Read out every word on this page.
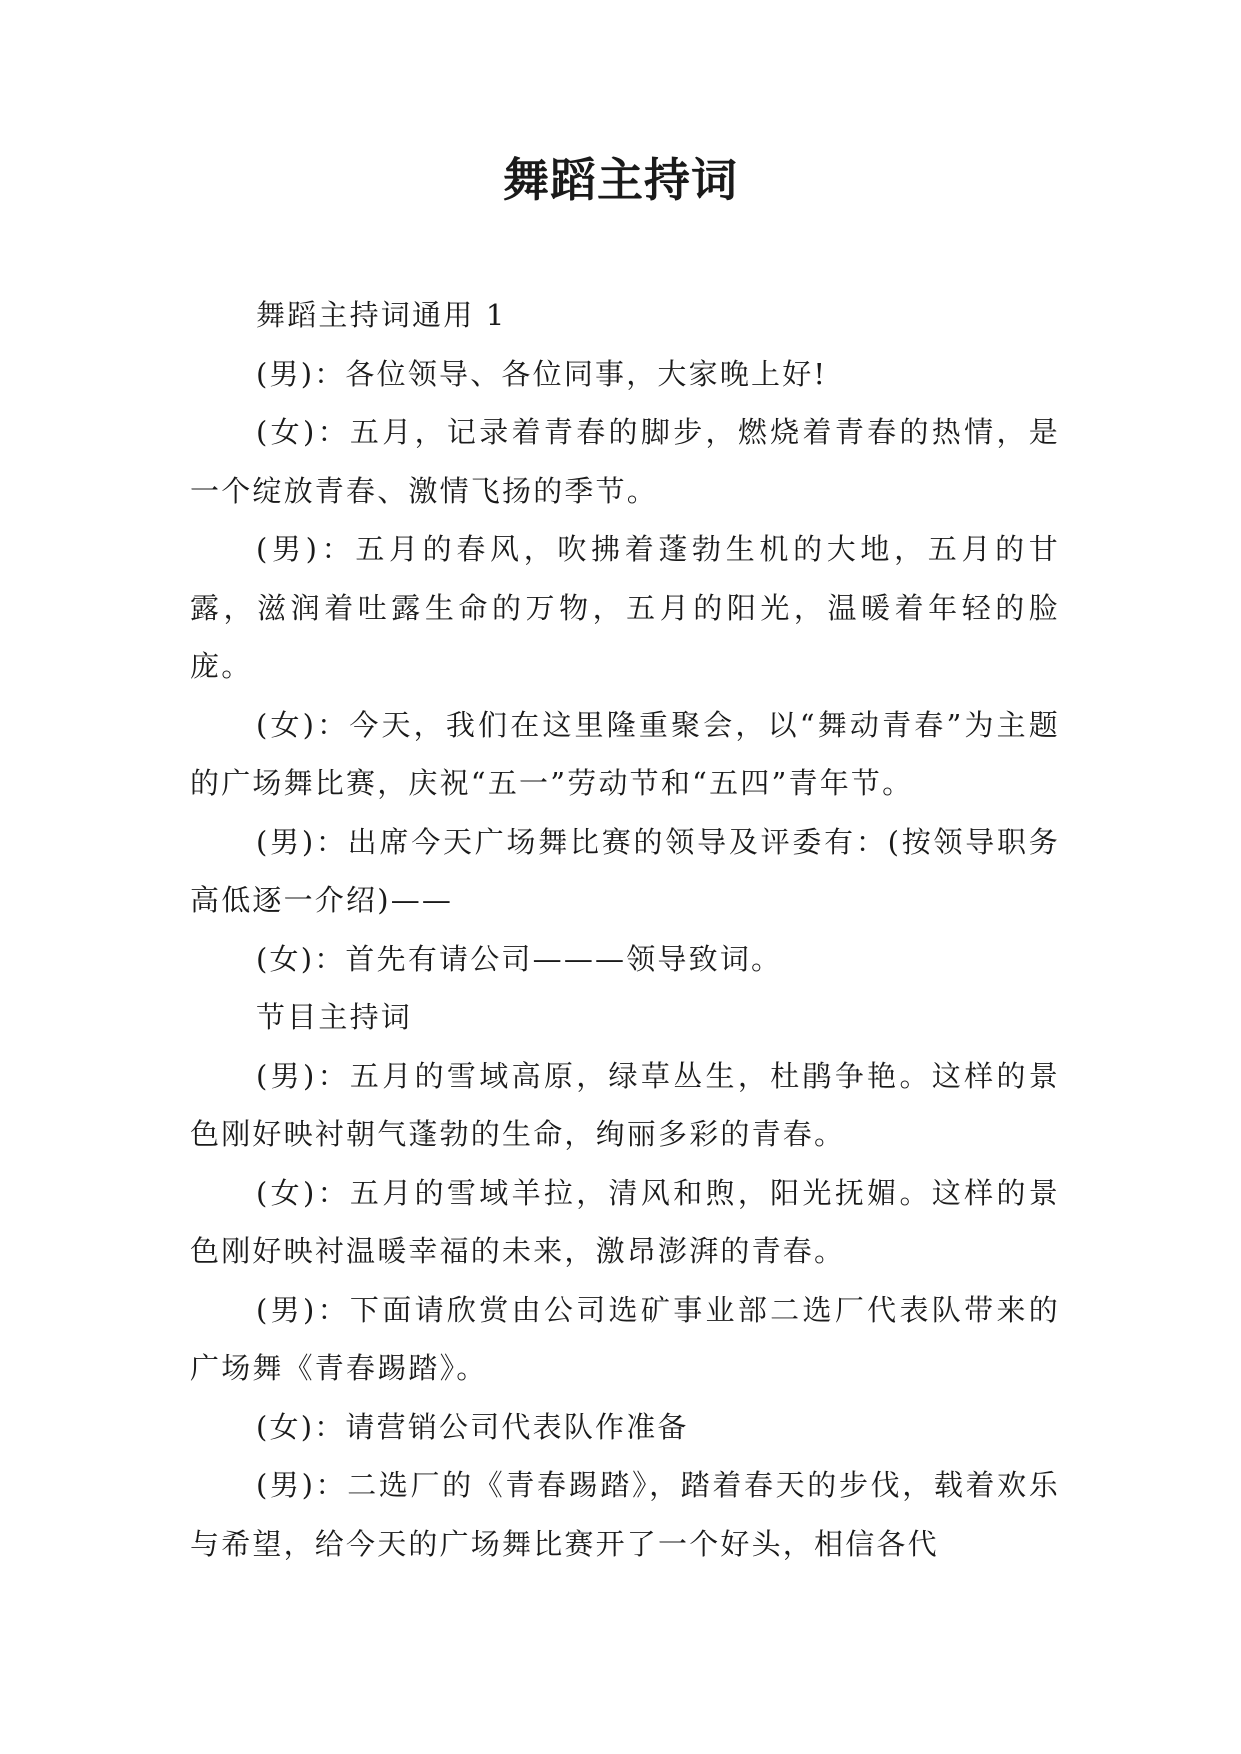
舞蹈主持词

舞蹈主持词通用 1

(男)：各位领导、各位同事，大家晚上好!

(女)：五月，记录着青春的脚步，燃烧着青春的热情，是一个绽放青春、激情飞扬的季节。

(男)：五月的春风，吹拂着蓬勃生机的大地，五月的甘露，滋润着吐露生命的万物，五月的阳光，温暖着年轻的脸庞。

(女)：今天，我们在这里隆重聚会，以“舞动青春”为主题的广场舞比赛，庆祝“五一”劳动节和“五四”青年节。

(男)：出席今天广场舞比赛的领导及评委有：(按领导职务高低逐一介绍)——

(女)：首先有请公司———领导致词。

节目主持词

(男)：五月的雪域高原，绿草丛生，杜鹃争艳。这样的景色刚好映衬朝气蓬勃的生命，绚丽多彩的青春。

(女)：五月的雪域羊拉，清风和煦，阳光抚媚。这样的景色刚好映衬温暖幸福的未来，激昂澎湃的青春。

(男)：下面请欣赏由公司选矿事业部二选厂代表队带来的广场舞《青春踢踏》。

(女)：请营销公司代表队作准备

(男)：二选厂的《青春踢踏》，踏着春天的步伐，载着欢乐与希望，给今天的广场舞比赛开了一个好头，相信各代
